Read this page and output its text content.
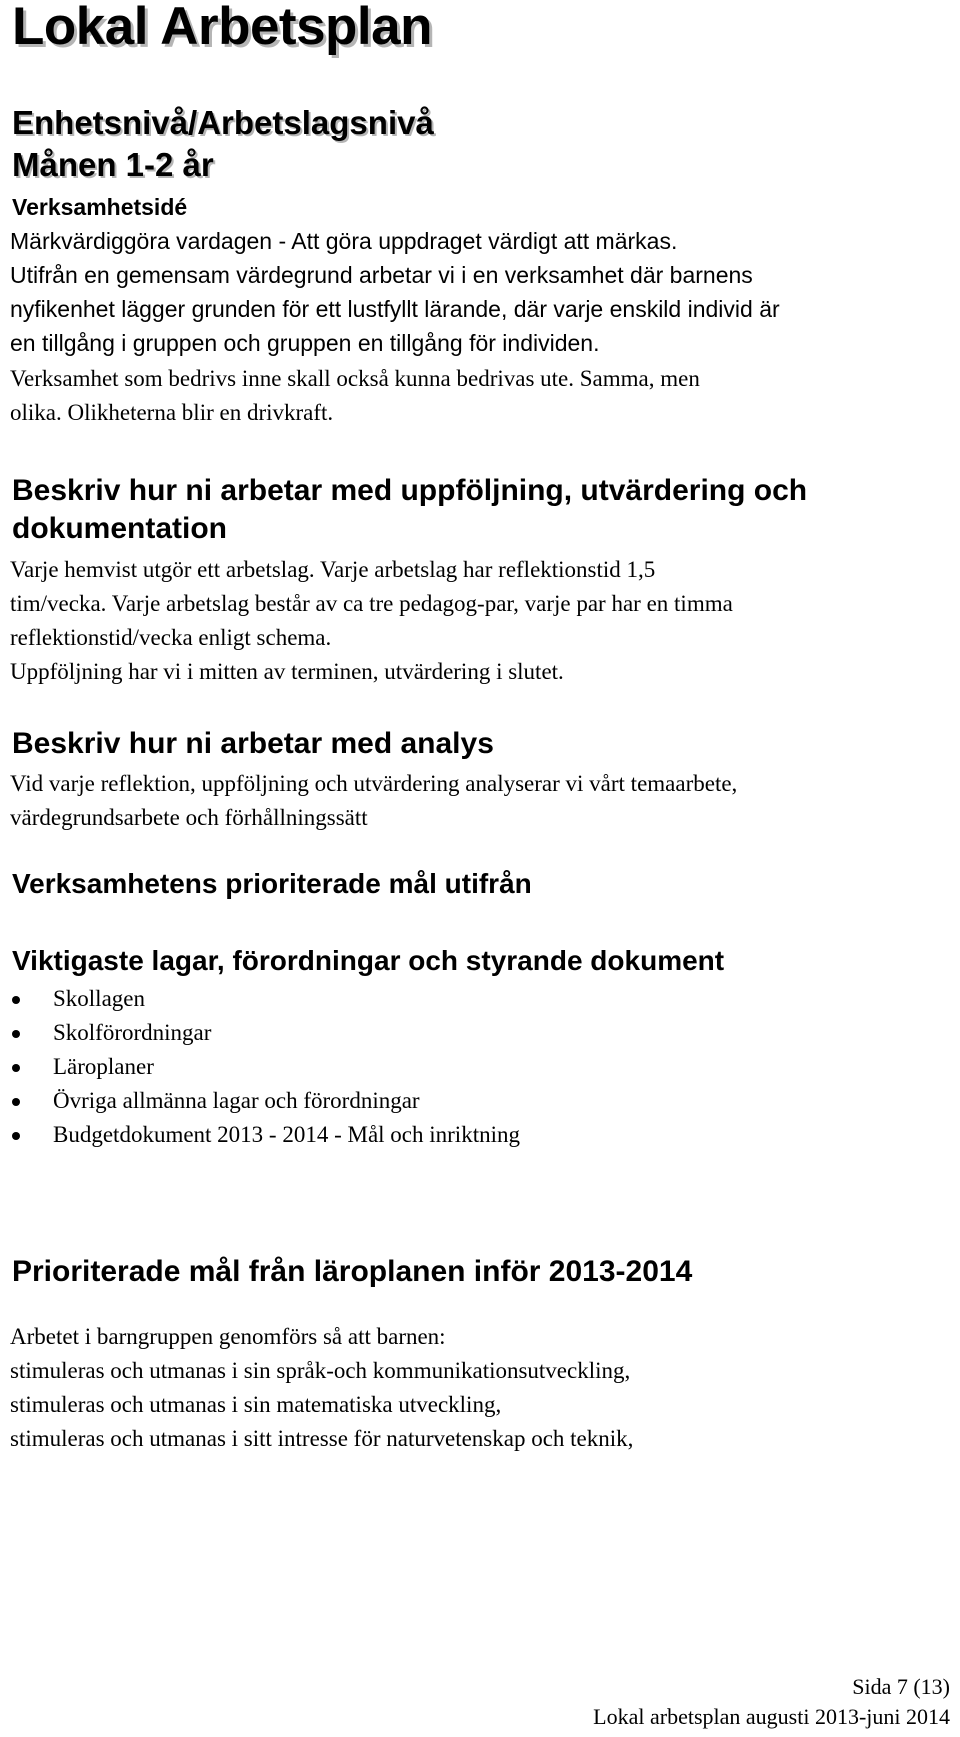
Lokal Arbetsplan
Enhetsnivå/Arbetslagsnivå
Månen 1-2 år
Verksamhetsidé
Märkvärdiggöra vardagen - Att göra uppdraget värdigt att märkas.
Utifrån en gemensam värdegrund arbetar vi i en verksamhet där barnens
nyfikenhet lägger grunden för ett lustfyllt lärande, där varje enskild individ är
en tillgång i gruppen och gruppen en tillgång för individen.
Verksamhet som bedrivs inne skall också kunna bedrivas ute. Samma, men
olika. Olikheterna blir en drivkraft.
Beskriv hur ni arbetar med uppföljning, utvärdering och
dokumentation
Varje hemvist utgör ett arbetslag. Varje arbetslag har reflektionstid 1,5
tim/vecka. Varje arbetslag består av ca tre pedagog-par, varje par har en timma
reflektionstid/vecka enligt schema.
Uppföljning har vi i mitten av terminen, utvärdering i slutet.
Beskriv hur ni arbetar med analys
Vid varje reflektion, uppföljning och utvärdering analyserar vi vårt temaarbete,
värdegrundsarbete och förhållningssätt
Verksamhetens prioriterade mål utifrån
Viktigaste lagar, förordningar och styrande dokument
Skollagen
Skolförordningar
Läroplaner
Övriga allmänna lagar och förordningar
Budgetdokument 2013 - 2014 - Mål och inriktning
Prioriterade mål från läroplanen inför 2013-2014
Arbetet i barngruppen genomförs så att barnen:
stimuleras och utmanas i sin språk-och kommunikationsutveckling,
stimuleras och utmanas i sin matematiska utveckling,
stimuleras och utmanas i sitt intresse för naturvetenskap och teknik,
Sida 7 (13)
Lokal arbetsplan augusti 2013-juni 2014
